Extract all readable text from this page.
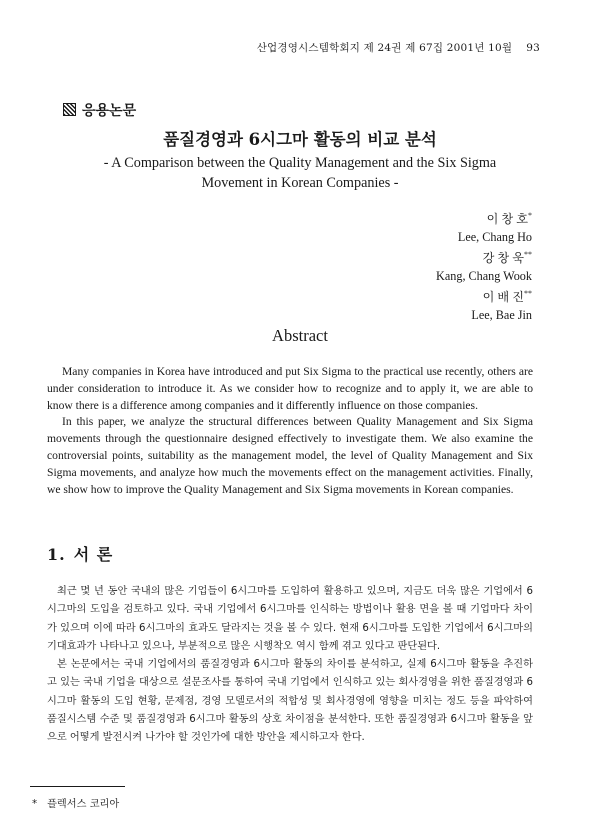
산업경영시스템학회지 제 24권 제 67집 2001년 10월 93
응용논문
품질경영과 6시그마 활동의 비교 분석
- A Comparison between the Quality Management and the Six Sigma
Movement in Korean Companies -
이 창 호*
Lee, Chang Ho
강 창 욱**
Kang, Chang Wook
이 배 진**
Lee, Bae Jin
Abstract

Many companies in Korea have introduced and put Six Sigma to the practical use recently, others are under consideration to introduce it. As we consider how to recognize and to apply it, we are able to know there is a difference among companies and it differently influence on those companies.

In this paper, we analyze the structural differences between Quality Management and Six Sigma movements through the questionnaire designed effectively to investigate them. We also examine the controversial points, suitability as the management model, the level of Quality Management and Six Sigma movements, and analyze how much the movements effect on the management activities. Finally, we show how to improve the Quality Management and Six Sigma movements in Korean companies.

1. 서 론

최근 몇 년 동안 국내의 많은 기업들이 6시그마를 도입하여 활용하고 있으며, 지금도 더욱 많은 기업에서 6시그마의 도입을 검토하고 있다. 국내 기업에서 6시그마를 인식하는 방법이나 활용 면을 볼 때 기업마다 차이가 있으며 이에 따라 6시그마의 효과도 달라지는 것을 볼 수 있다. 현재 6시그마를 도입한 기업에서 6시그마의 기대효과가 나타나고 있으나, 부분적으로 많은 시행착오 역시 함께 겪고 있다고 판단된다.

본 논문에서는 국내 기업에서의 품질경영과 6시그마 활동의 차이를 분석하고, 실제 6시그마 활동을 추진하고 있는 국내 기업을 대상으로 설문조사를 통하여 국내 기업에서 인식하고 있는 회사경영을 위한 품질경영과 6시그마 활동의 도입 현황, 문제점, 경영 모델로서의 적합성 및 회사경영에 영향을 미치는 정도 등을 파악하여 품질시스템 수준 및 품질경영과 6시그마 활동의 상호 차이점을 분석한다. 또한 품질경영과 6시그마 활동을 앞으로 어떻게 발전시켜 나가야 할 것인가에 대한 방안을 제시하고자 한다.

* 플렉서스 코리아
